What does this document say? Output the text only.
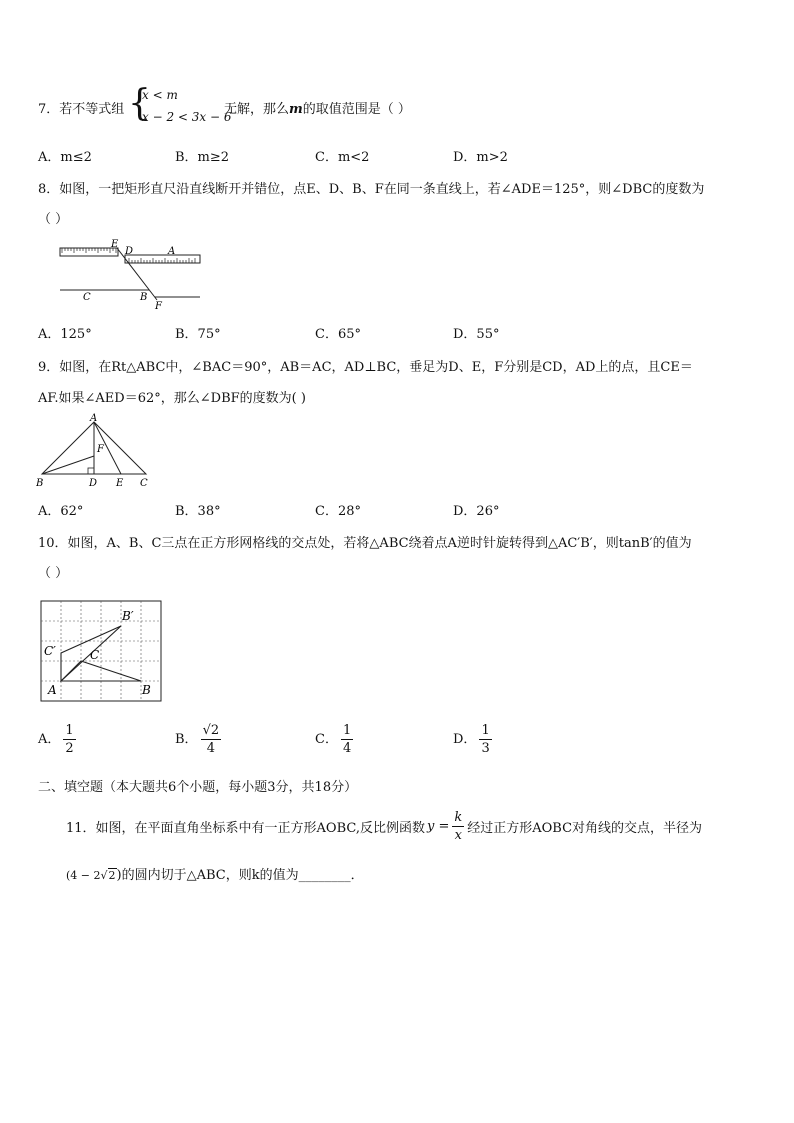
7．若不等式组 {
x < m
x − 2 < 3x − 6
无解，那么m的取值范围是（ ）
A．m≤2	B．m≥2	C．m<2	D．m>2
8．如图，一把矩形直尺沿直线断开并错位，点E、D、B、F在同一条直线上，若∠ADE＝125°，则∠DBC的度数为
（ ）
E
D	A
C	B
F
A．125°	B．75°	C．65°	D．55°
9．如图，在Rt△ABC中，∠BAC＝90°，AB＝AC，AD⊥BC，垂足为D、E，F分别是CD，AD上的点，且CE＝
AF.如果∠AED＝62°，那么∠DBF的度数为( )
A
F
B	D E C
A．62°	B．38°	C．28°	D．26°
10．如图，A、B、C三点在正方形网格线的交点处，若将△ABC绕着点A逆时针旋转得到△AC′B′，则tanB′的值为
（ ）
B′
C′	C
A	B
A． $\frac{1}{2}$	B． $\frac{√2}{4}$	C． $\frac{1}{4}$	D． $\frac{1}{3}$
二、填空题（本大题共6个小题，每小题3分，共18分）
11．如图，在平面直角坐标系中有一正方形AOBC,反比例函数 $y = \frac{k}{x}$ 经过正方形AOBC对角线的交点，半径为
(4 − 2√2)的圆内切于△ABC，则k的值为________．
